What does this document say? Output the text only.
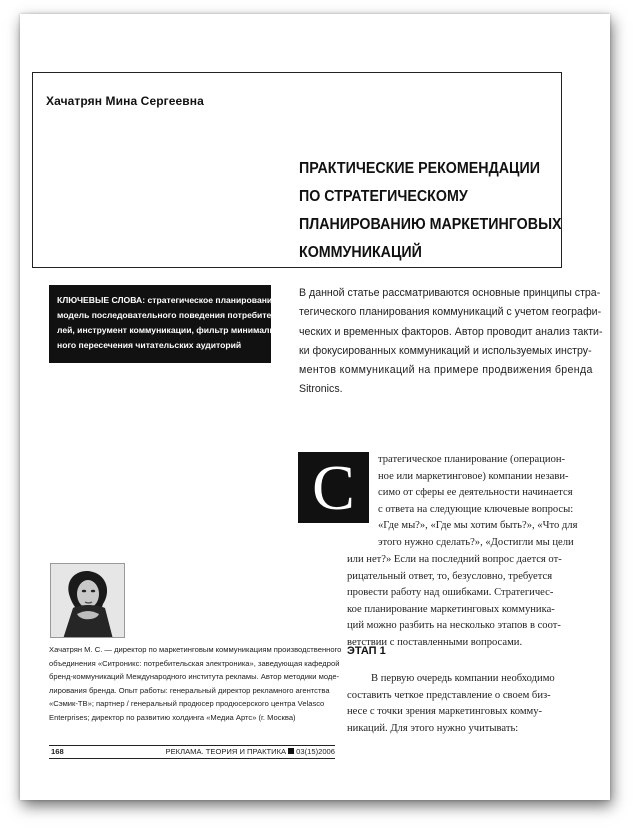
Хачатрян Мина Сергеевна
ПРАКТИЧЕСКИЕ РЕКОМЕНДАЦИИ
ПО СТРАТЕГИЧЕСКОМУ
ПЛАНИРОВАНИЮ МАРКЕТИНГОВЫХ
КОММУНИКАЦИЙ
КЛЮЧЕВЫЕ СЛОВА: стратегическое планирование,
модель последовательного поведения потребите-
лей, инструмент коммуникации, фильтр минималь-
ного пересечения читательских аудиторий
В данной статье рассматриваются основные принципы стра-
тегического планирования коммуникаций с учетом географи-
ческих и временных факторов. Автор проводит анализ такти-
ки фокусированных коммуникаций и используемых инстру-
ментов коммуникаций на примере продвижения бренда
Sitronics.
С	тратегическое планирование (операцион-
ное или маркетинговое) компании незави-
симо от сферы ее деятельности начинается
с ответа на следующие ключевые вопросы:
«Где мы?», «Где мы хотим быть?», «Что для
этого нужно сделать?», «Достигли мы цели
или нет?» Если на последний вопрос дается от-
рицательный ответ, то, безусловно, требуется
провести работу над ошибками. Стратегичес-
кое планирование маркетинговых коммуника-
ций можно разбить на несколько этапов в соот-
ветствии с поставленными вопросами.
ЭТАП 1
В первую очередь компании необходимо
составить четкое представление о своем биз-
несе с точки зрения маркетинговых комму-
никаций. Для этого нужно учитывать:
Хачатрян М. С. — директор по маркетинговым коммуникациям производственного
объединения «Ситроникс: потребительская электроника», заведующая кафедрой
бренд-коммуникаций Международного института рекламы. Автор методики моде-
лирования бренда. Опыт работы: генеральный директор рекламного агентства
«Сэмик-ТВ»; партнер / генеральный продюсер продюсерского центра Velasco
Enterprises; директор по развитию холдинга «Медиа Артс» (г. Москва)
168	РЕКЛАМА. ТЕОРИЯ И ПРАКТИКА 03(15)2006
